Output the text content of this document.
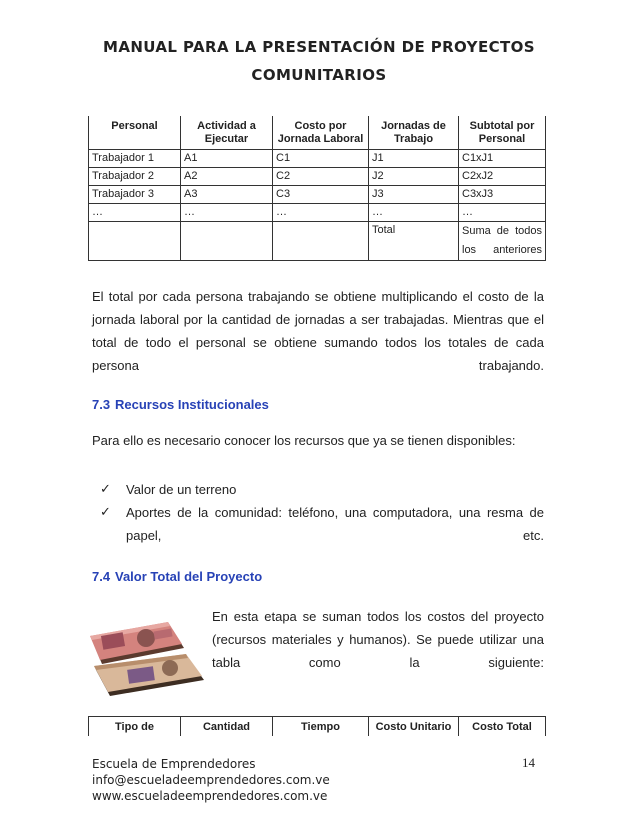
MANUAL PARA LA PRESENTACIÓN DE PROYECTOS
COMUNITARIOS
Personal	Actividad a Ejecutar	Costo por Jornada Laboral	Jornadas de Trabajo	Subtotal por Personal
Trabajador 1	A1	C1	J1	C1xJ1
Trabajador 2	A2	C2	J2	C2xJ2
Trabajador 3	A3	C3	J3	C3xJ3
…	…	…	…	…
			Total	Suma de todos los anteriores
El total por cada persona trabajando se obtiene multiplicando el costo de la jornada laboral por la cantidad de jornadas a ser trabajadas. Mientras que el total de todo el personal se obtiene sumando todos los totales de cada persona trabajando.
7.3 Recursos Institucionales
Para ello es necesario conocer los recursos que ya se tienen disponibles:
✓ Valor de un terreno
✓ Aportes de la comunidad: teléfono, una computadora, una resma de papel, etc.
7.4 Valor Total del Proyecto
En esta etapa se suman todos los costos del proyecto (recursos materiales y humanos). Se puede utilizar una tabla como la siguiente:
Tipo de	Cantidad	Tiempo	Costo Unitario	Costo Total
Escuela de Emprendedores
info@escueladeemprendedores.com.ve
www.escueladeemprendedores.com.ve
14
